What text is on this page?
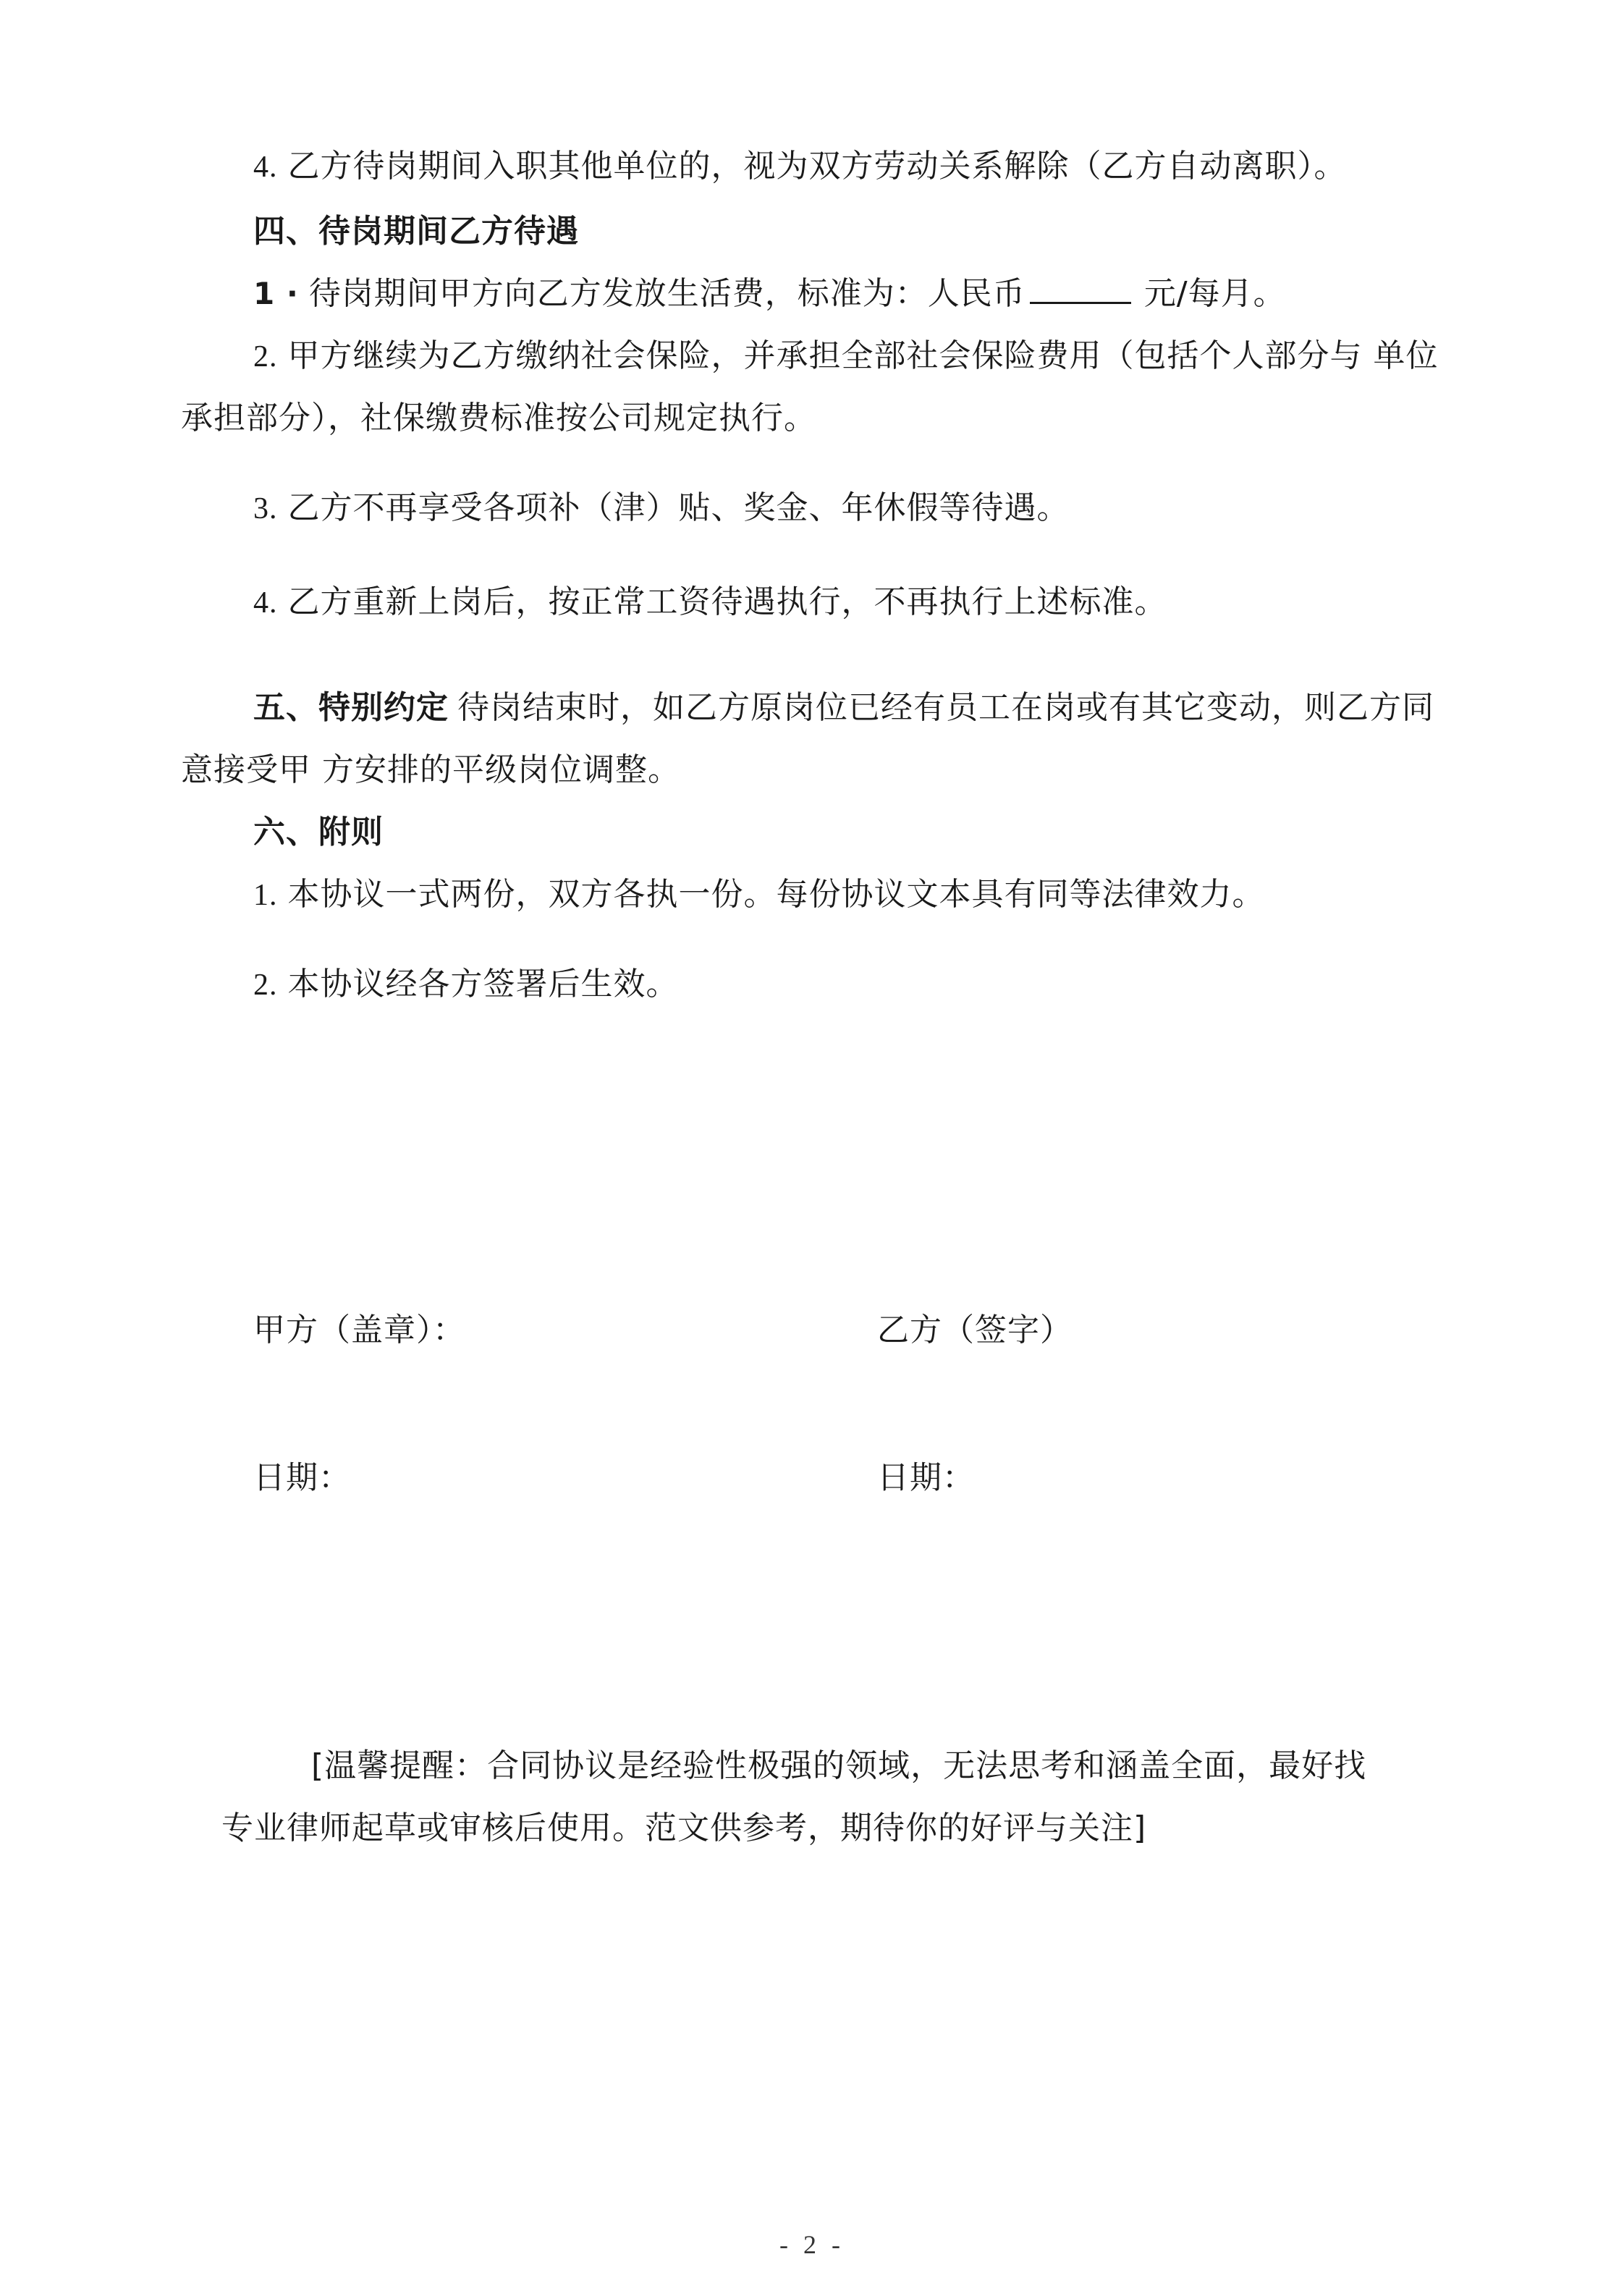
4. 乙方待岗期间入职其他单位的，视为双方劳动关系解除（乙方自动离职）。
四、待岗期间乙方待遇
1 · 待岗期间甲方向乙方发放生活费，标准为：人民币	元/每月。
2. 甲方继续为乙方缴纳社会保险，并承担全部社会保险费用（包括个人部分与 单位
承担部分），社保缴费标准按公司规定执行。
3. 乙方不再享受各项补（津）贴、奖金、年休假等待遇。
4. 乙方重新上岗后，按正常工资待遇执行，不再执行上述标准。
五、特别约定 待岗结束时，如乙方原岗位已经有员工在岗或有其它变动，则乙方同
意接受甲 方安排的平级岗位调整。
六、附则
1. 本协议一式两份，双方各执一份。每份协议文本具有同等法律效力。
2. 本协议经各方签署后生效。
甲方（盖章）：	乙方（签字）
日期：	日期：
[温馨提醒：合同协议是经验性极强的领域，无法思考和涵盖全面，最好找
专业律师起草或审核后使用。范文供参考，期待你的好评与关注]
- 2 -
